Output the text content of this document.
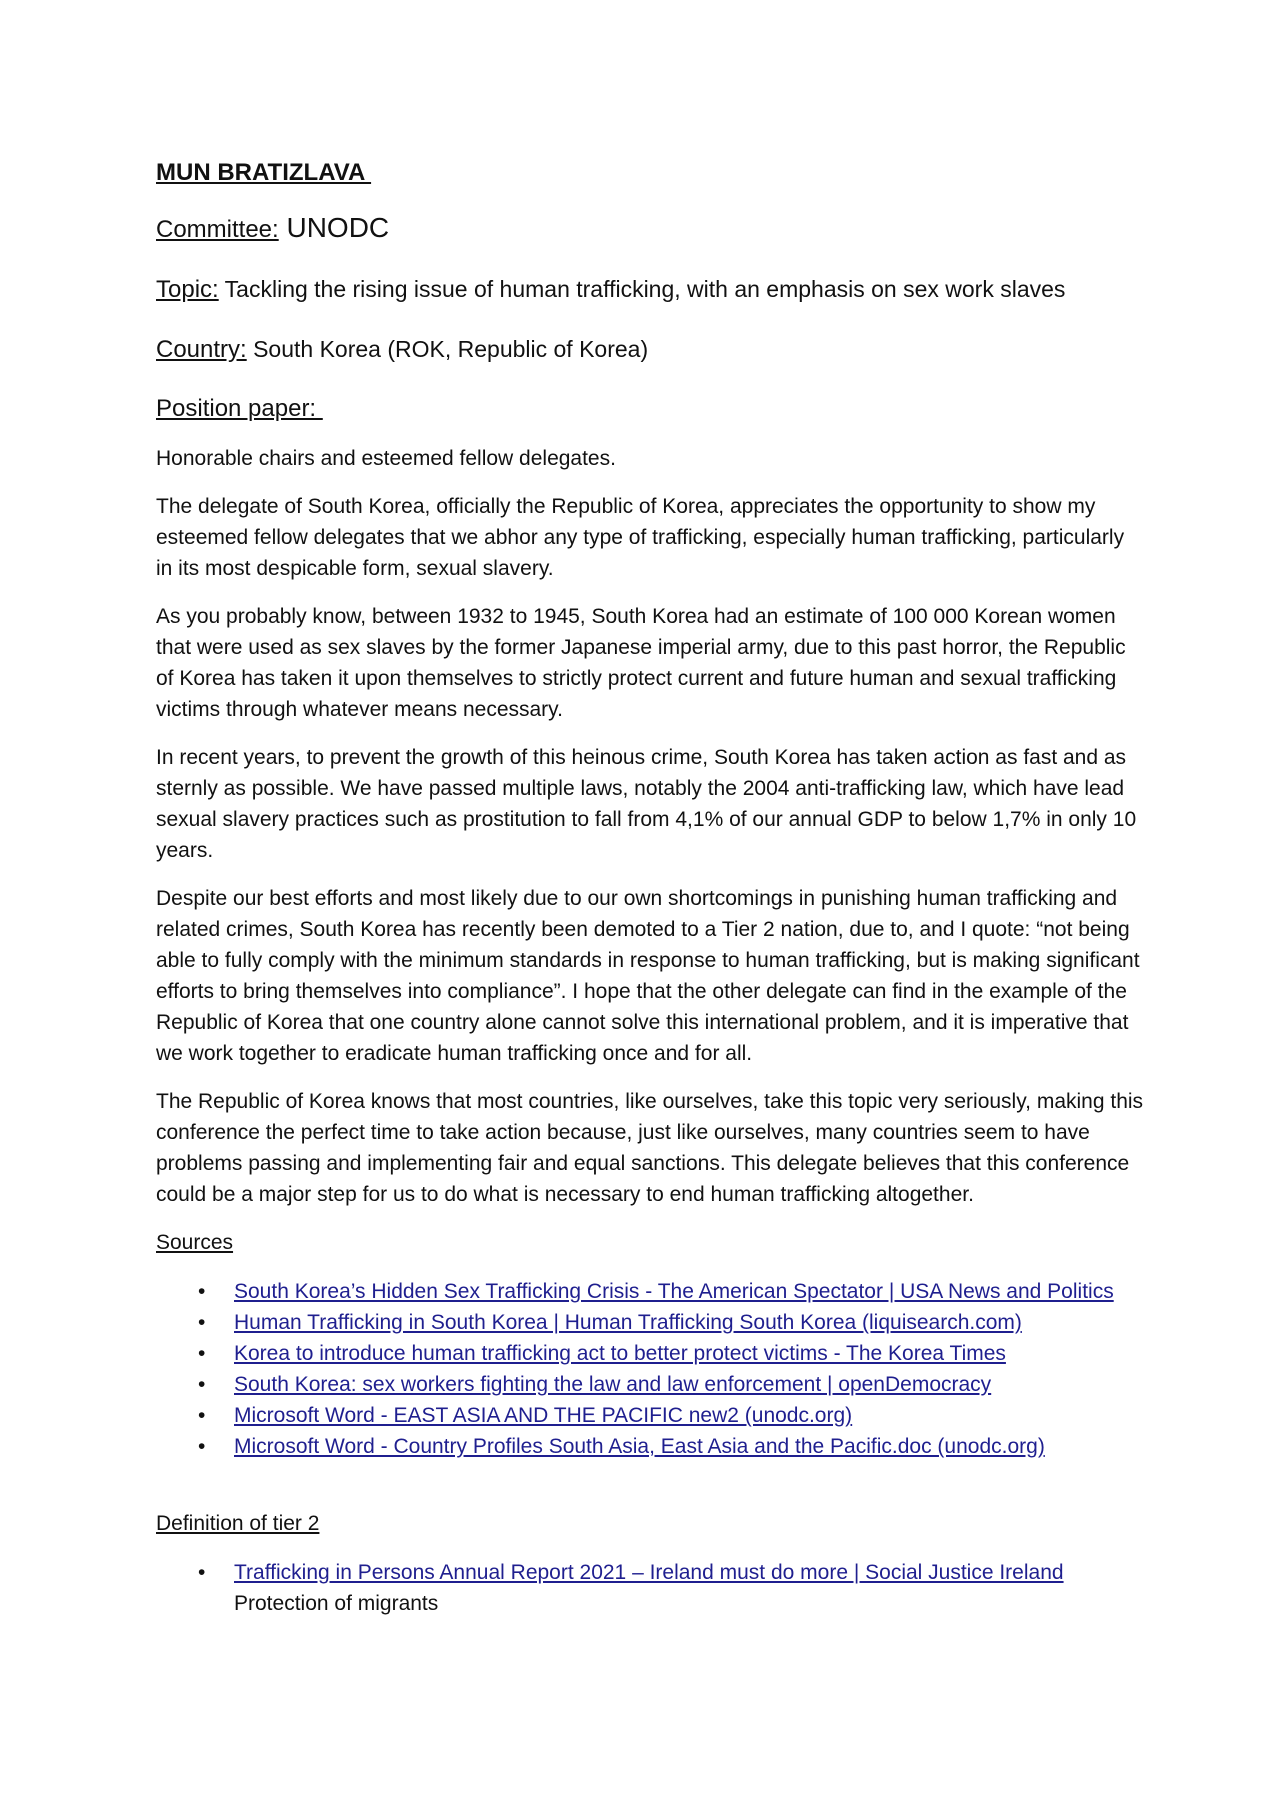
MUN BRATIZLAVA
Committee: UNODC
Topic: Tackling the rising issue of human trafficking, with an emphasis on sex work slaves
Country: South Korea (ROK, Republic of Korea)
Position paper:

Honorable chairs and esteemed fellow delegates.

The delegate of South Korea, officially the Republic of Korea, appreciates the opportunity to show my esteemed fellow delegates that we abhor any type of trafficking, especially human trafficking, particularly in its most despicable form, sexual slavery.

As you probably know, between 1932 to 1945, South Korea had an estimate of 100 000 Korean women that were used as sex slaves by the former Japanese imperial army, due to this past horror, the Republic of Korea has taken it upon themselves to strictly protect current and future human and sexual trafficking victims through whatever means necessary.

In recent years, to prevent the growth of this heinous crime, South Korea has taken action as fast and as sternly as possible. We have passed multiple laws, notably the 2004 anti-trafficking law, which have lead sexual slavery practices such as prostitution to fall from 4,1% of our annual GDP to below 1,7% in only 10 years.

Despite our best efforts and most likely due to our own shortcomings in punishing human trafficking and related crimes, South Korea has recently been demoted to a Tier 2 nation, due to, and I quote: “not being able to fully comply with the minimum standards in response to human trafficking, but is making significant efforts to bring themselves into compliance”. I hope that the other delegate can find in the example of the Republic of Korea that one country alone cannot solve this international problem, and it is imperative that we work together to eradicate human trafficking once and for all.

The Republic of Korea knows that most countries, like ourselves, take this topic very seriously, making this conference the perfect time to take action because, just like ourselves, many countries seem to have problems passing and implementing fair and equal sanctions. This delegate believes that this conference could be a major step for us to do what is necessary to end human trafficking altogether.

Sources
• South Korea’s Hidden Sex Trafficking Crisis - The American Spectator | USA News and Politics
• Human Trafficking in South Korea | Human Trafficking South Korea (liquisearch.com)
• Korea to introduce human trafficking act to better protect victims - The Korea Times
• South Korea: sex workers fighting the law and law enforcement | openDemocracy
• Microsoft Word - EAST ASIA AND THE PACIFIC new2 (unodc.org)
• Microsoft Word - Country Profiles South Asia, East Asia and the Pacific.doc (unodc.org)
Definition of tier 2
• Trafficking in Persons Annual Report 2021 – Ireland must do more | Social Justice Ireland
Protection of migrants
